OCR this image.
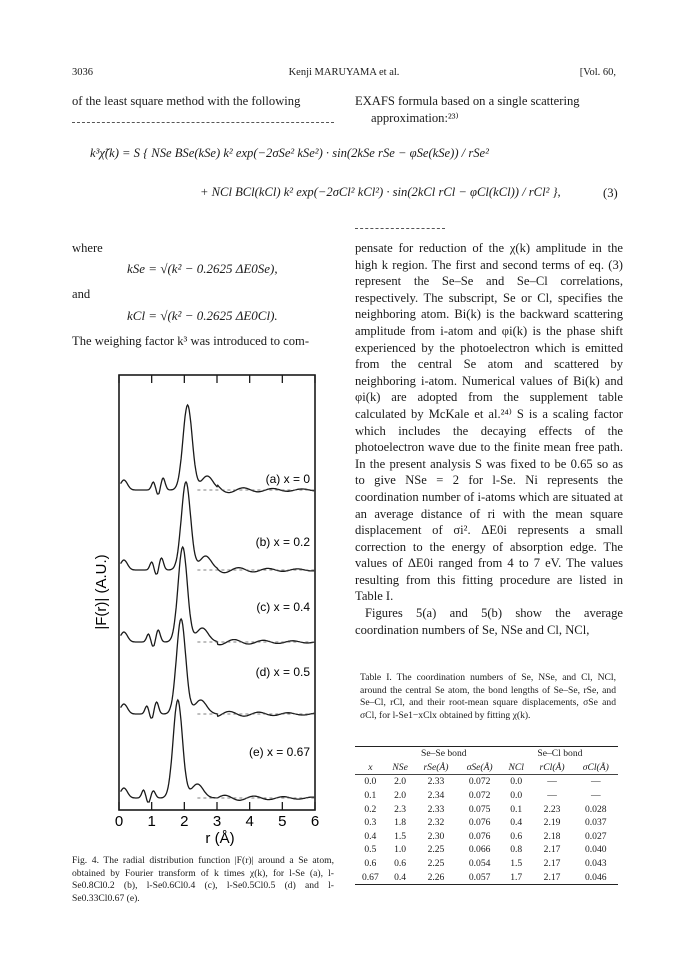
3036	Kenji MARUYAMA et al.	[Vol. 60,
of the least square method with the following	EXAFS formula based on a single scattering
approximation:²³⁾
k³χ̃(k) = S { NSe BSe(kSe) k² exp(−2σSe² kSe²) · sin(2kSe rSe − φSe(kSe)) / rSe²
+ NCl BCl(kCl) k² exp(−2σCl² kCl²) · sin(2kCl rCl − φCl(kCl)) / rCl² },	(3)
where
kSe = √(k² − 0.2625 ΔE0Se),
and
kCl = √(k² − 0.2625 ΔE0Cl).
The weighing factor k³ was introduced to com-

pensate for reduction of the χ(k) amplitude in the high k region. The first and second terms of eq. (3) represent the Se–Se and Se–Cl correlations, respectively. The subscript, Se or Cl, specifies the neighboring atom. Bi(k) is the backward scattering amplitude from i-atom and φi(k) is the phase shift experienced by the photoelectron which is emitted from the central Se atom and scattered by neighboring i-atom. Numerical values of Bi(k) and φi(k) are adopted from the supplement table calculated by McKale et al.²⁴⁾ S is a scaling factor which includes the decaying effects of the photoelectron wave due to the finite mean free path. In the present analysis S was fixed to be 0.65 so as to give NSe = 2 for l-Se. Ni represents the coordination number of i-atoms which are situated at an average distance of ri with the mean square displacement of σi². ΔE0i represents a small correction to the energy of absorption edge. The values of ΔE0i ranged from 4 to 7 eV. The values resulting from this fitting procedure are listed in Table I.

Figures 5(a) and 5(b) show the average coordination numbers of Se, NSe and Cl, NCl,

(a) x = 0
(b) x = 0.2
(c) x = 0.4
(d) x = 0.5
(e) x = 0.67
0 1 2 3 4 5 6
r (Å)
|F(r)| (A.U.)
Fig. 4. The radial distribution function |F(r)| around a Se atom, obtained by Fourier transform of k times χ(k), for l-Se (a), l-Se0.8Cl0.2 (b), l-Se0.6Cl0.4 (c), l-Se0.5Cl0.5 (d) and l-Se0.33Cl0.67 (e).
Table I. The coordination numbers of Se, NSe, and Cl, NCl, around the central Se atom, the bond lengths of Se–Se, rSe, and Se–Cl, rCl, and their root-mean square displacements, σSe and σCl, for l-Se1−xClx obtained by fitting χ(k).
	Se–Se bond			Se–Cl bond		
x	NSe	rSe(Å)	σSe(Å)	NCl	rCl(Å)	σCl(Å)
0.0	2.0	2.33	0.072	0.0	—	—
0.1	2.0	2.34	0.072	0.0	—	—
0.2	2.3	2.33	0.075	0.1	2.23	0.028
0.3	1.8	2.32	0.076	0.4	2.19	0.037
0.4	1.5	2.30	0.076	0.6	2.18	0.027
0.5	1.0	2.25	0.066	0.8	2.17	0.040
0.6	0.6	2.25	0.054	1.5	2.17	0.043
0.67	0.4	2.26	0.057	1.7	2.17	0.046
